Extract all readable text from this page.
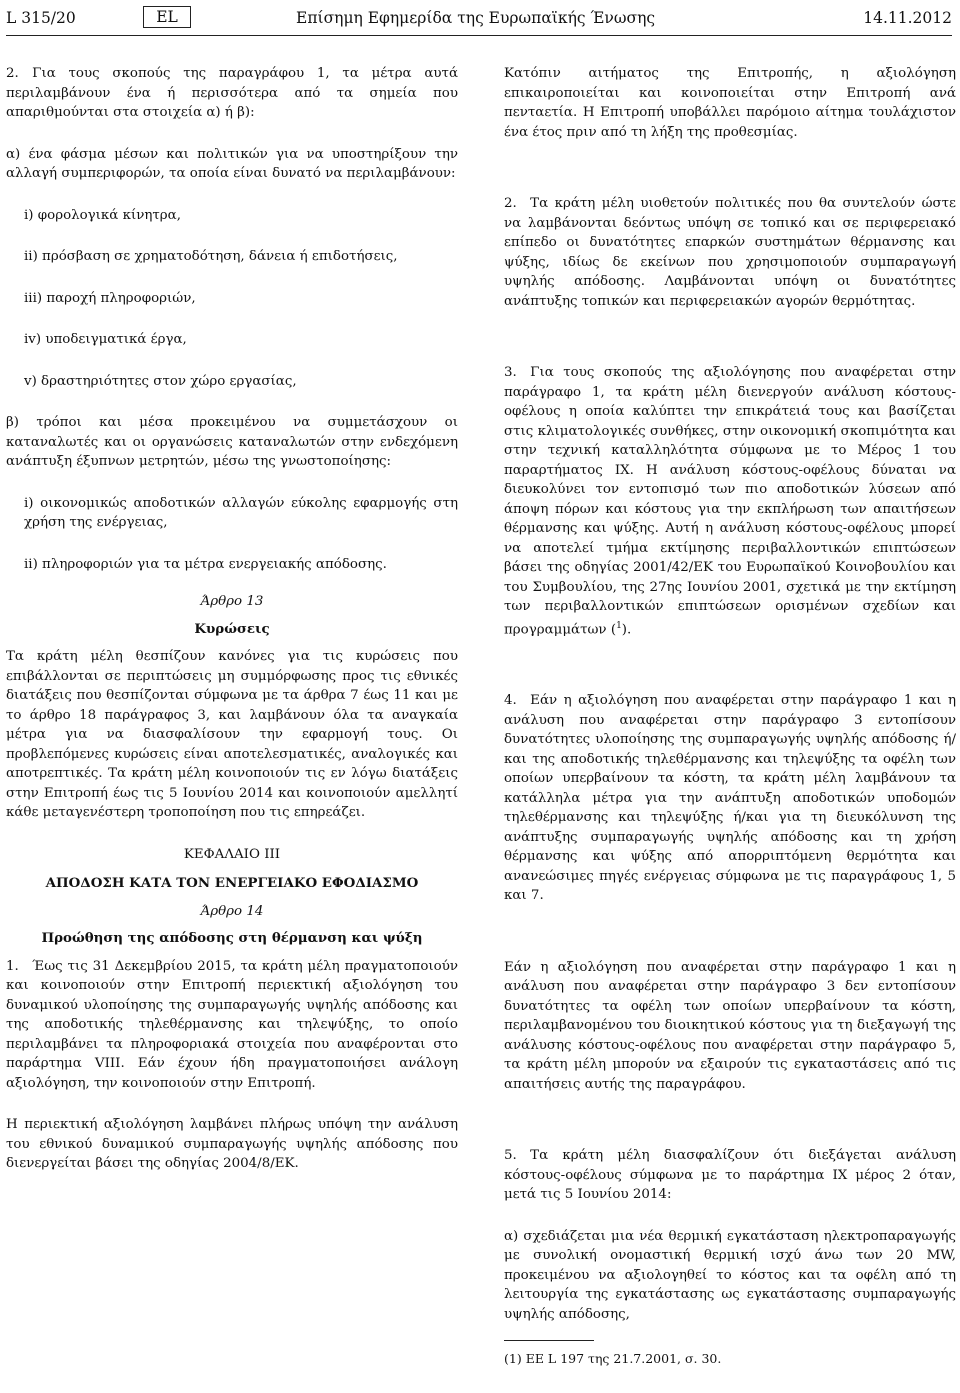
L 315/20	EL	Επίσημη Εφημερίδα της Ευρωπαϊκής Ένωσης	14.11.2012

2. Για τους σκοπούς της παραγράφου 1, τα μέτρα αυτά περιλαμβάνουν ένα ή περισσότερα από τα σημεία που απαριθμούνται στα στοιχεία α) ή β):

α) ένα φάσμα μέσων και πολιτικών για να υποστηρίξουν την αλλαγή συμπεριφορών, τα οποία είναι δυνατό να περιλαμβάνουν:

i) φορολογικά κίνητρα,

ii) πρόσβαση σε χρηματοδότηση, δάνεια ή επιδοτήσεις,

iii) παροχή πληροφοριών,

iv) υποδειγματικά έργα,

v) δραστηριότητες στον χώρο εργασίας,

β) τρόποι και μέσα προκειμένου να συμμετάσχουν οι καταναλωτές και οι οργανώσεις καταναλωτών στην ενδεχόμενη ανάπτυξη έξυπνων μετρητών, μέσω της γνωστοποίησης:

i) οικονομικώς αποδοτικών αλλαγών εύκολης εφαρμογής στη χρήση της ενέργειας,

ii) πληροφοριών για τα μέτρα ενεργειακής απόδοσης.

Άρθρο 13

Κυρώσεις

Τα κράτη μέλη θεσπίζουν κανόνες για τις κυρώσεις που επιβάλλονται σε περιπτώσεις μη συμμόρφωσης προς τις εθνικές διατάξεις που θεσπίζονται σύμφωνα με τα άρθρα 7 έως 11 και με το άρθρο 18 παράγραφος 3, και λαμβάνουν όλα τα αναγκαία μέτρα για να διασφαλίσουν την εφαρμογή τους. Οι προβλεπόμενες κυρώσεις είναι αποτελεσματικές, αναλογικές και αποτρεπτικές. Τα κράτη μέλη κοινοποιούν τις εν λόγω διατάξεις στην Επιτροπή έως τις 5 Ιουνίου 2014 και κοινοποιούν αμελλητί κάθε μεταγενέστερη τροποποίηση που τις επηρεάζει.

ΚΕΦΑΛΑΙΟ III

ΑΠΟΔΟΣΗ ΚΑΤΑ ΤΟΝ ΕΝΕΡΓΕΙΑΚΟ ΕΦΟΔΙΑΣΜΟ

Άρθρο 14

Προώθηση της απόδοσης στη θέρμανση και ψύξη

1. Έως τις 31 Δεκεμβρίου 2015, τα κράτη μέλη πραγματοποιούν και κοινοποιούν στην Επιτροπή περιεκτική αξιολόγηση του δυναμικού υλοποίησης της συμπαραγωγής υψηλής απόδοσης και της αποδοτικής τηλεθέρμανσης και τηλεψύξης, το οποίο περιλαμβάνει τα πληροφοριακά στοιχεία που αναφέρονται στο παράρτημα VIII. Εάν έχουν ήδη πραγματοποιήσει ανάλογη αξιολόγηση, την κοινοποιούν στην Επιτροπή.

Η περιεκτική αξιολόγηση λαμβάνει πλήρως υπόψη την ανάλυση του εθνικού δυναμικού συμπαραγωγής υψηλής απόδοσης που διενεργείται βάσει της οδηγίας 2004/8/ΕΚ.

Κατόπιν αιτήματος της Επιτροπής, η αξιολόγηση επικαιροποιείται και κοινοποιείται στην Επιτροπή ανά πενταετία. Η Επιτροπή υποβάλλει παρόμοιο αίτημα τουλάχιστον ένα έτος πριν από τη λήξη της προθεσμίας.

2. Τα κράτη μέλη υιοθετούν πολιτικές που θα συντελούν ώστε να λαμβάνονται δεόντως υπόψη σε τοπικό και σε περιφερειακό επίπεδο οι δυνατότητες επαρκών συστημάτων θέρμανσης και ψύξης, ιδίως δε εκείνων που χρησιμοποιούν συμπαραγωγή υψηλής απόδοσης. Λαμβάνονται υπόψη οι δυνατότητες ανάπτυξης τοπικών και περιφερειακών αγορών θερμότητας.

3. Για τους σκοπούς της αξιολόγησης που αναφέρεται στην παράγραφο 1, τα κράτη μέλη διενεργούν ανάλυση κόστους-οφέλους η οποία καλύπτει την επικράτειά τους και βασίζεται στις κλιματολογικές συνθήκες, στην οικονομική σκοπιμότητα και στην τεχνική καταλληλότητα σύμφωνα με το Μέρος 1 του παραρτήματος IX. Η ανάλυση κόστους-οφέλους δύναται να διευκολύνει τον εντοπισμό των πιο αποδοτικών λύσεων από άποψη πόρων και κόστους για την εκπλήρωση των απαιτήσεων θέρμανσης και ψύξης. Αυτή η ανάλυση κόστους-οφέλους μπορεί να αποτελεί τμήμα εκτίμησης περιβαλλοντικών επιπτώσεων βάσει της οδηγίας 2001/42/ΕΚ του Ευρωπαϊκού Κοινοβουλίου και του Συμβουλίου, της 27ης Ιουνίου 2001, σχετικά με την εκτίμηση των περιβαλλοντικών επιπτώσεων ορισμένων σχεδίων και προγραμμάτων ($^1$).

4. Εάν η αξιολόγηση που αναφέρεται στην παράγραφο 1 και η ανάλυση που αναφέρεται στην παράγραφο 3 εντοπίσουν δυνατότητες υλοποίησης της συμπαραγωγής υψηλής απόδοσης ή/και της αποδοτικής τηλεθέρμανσης και τηλεψύξης τα οφέλη των οποίων υπερβαίνουν τα κόστη, τα κράτη μέλη λαμβάνουν τα κατάλληλα μέτρα για την ανάπτυξη αποδοτικών υποδομών τηλεθέρμανσης και τηλεψύξης ή/και για τη διευκόλυνση της ανάπτυξης συμπαραγωγής υψηλής απόδοσης και τη χρήση θέρμανσης και ψύξης από απορριπτόμενη θερμότητα και ανανεώσιμες πηγές ενέργειας σύμφωνα με τις παραγράφους 1, 5 και 7.

Εάν η αξιολόγηση που αναφέρεται στην παράγραφο 1 και η ανάλυση που αναφέρεται στην παράγραφο 3 δεν εντοπίσουν δυνατότητες τα οφέλη των οποίων υπερβαίνουν τα κόστη, περιλαμβανομένου του διοικητικού κόστους για τη διεξαγωγή της ανάλυσης κόστους-οφέλους που αναφέρεται στην παράγραφο 5, τα κράτη μέλη μπορούν να εξαιρούν τις εγκαταστάσεις από τις απαιτήσεις αυτής της παραγράφου.

5. Τα κράτη μέλη διασφαλίζουν ότι διεξάγεται ανάλυση κόστους-οφέλους σύμφωνα με το παράρτημα IX μέρος 2 όταν, μετά τις 5 Ιουνίου 2014:

α) σχεδιάζεται μια νέα θερμική εγκατάσταση ηλεκτροπαραγωγής με συνολική ονομαστική θερμική ισχύ άνω των 20 MW, προκειμένου να αξιολογηθεί το κόστος και τα οφέλη από τη λειτουργία της εγκατάστασης ως εγκατάστασης συμπαραγωγής υψηλής απόδοσης,

(1) ΕΕ L 197 της 21.7.2001, σ. 30.
